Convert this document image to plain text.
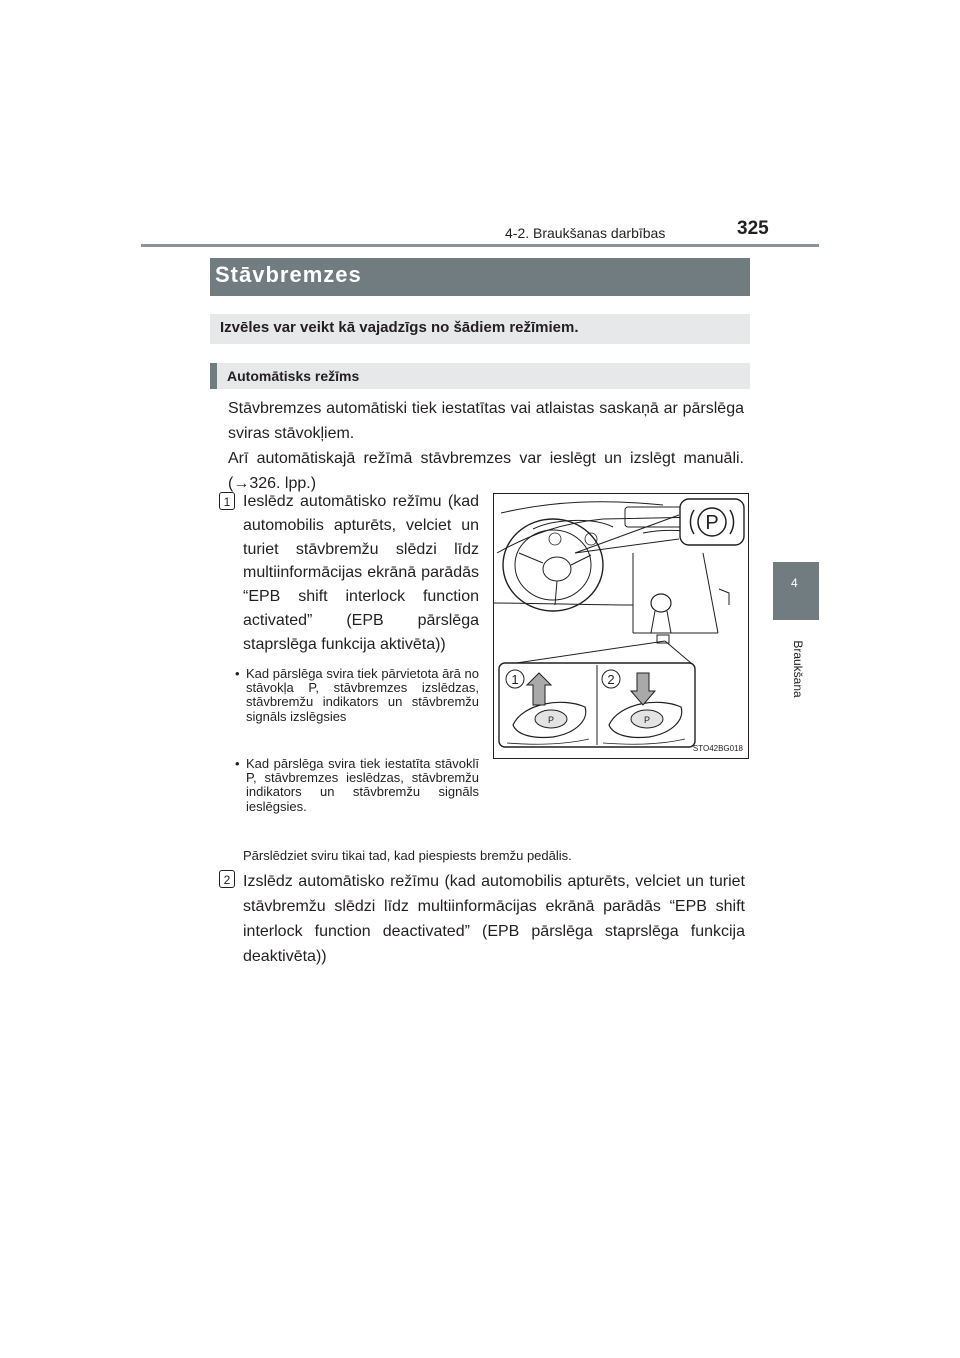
4-2. Braukšanas darbības	325
4
Braukšana
Stāvbremzes
Izvēles var veikt kā vajadzīgs no šādiem režīmiem.
Automātisks režīms
Stāvbremzes automātiski tiek iestatītas vai atlaistas saskaņā ar pārslēga sviras stāvokļiem.
Arī automātiskajā režīmā stāvbremzes var ieslēgt un izslēgt manuāli. (→326. lpp.)
1 Ieslēdz automātisko režīmu (kad automobilis apturēts, velciet un turiet stāvbremžu slēdzi līdz multiinformācijas ekrānā parādās “EPB shift interlock function activated” (EPB pārslēga staprslēga funkcija aktivēta))
• Kad pārslēga svira tiek pārvietota ārā no stāvokļa P, stāvbremzes izslēdzas, stāvbremžu indikators un stāvbremžu signāls izslēgsies
• Kad pārslēga svira tiek iestatīta stāvoklī P, stāvbremzes ieslēdzas, stāvbremžu indikators un stāvbremžu signāls ieslēgsies.
Pārslēdziet sviru tikai tad, kad piespiests bremžu pedālis.
2 Izslēdz automātisko režīmu (kad automobilis apturēts, velciet un turiet stāvbremžu slēdzi līdz multiinformācijas ekrānā parādās “EPB shift interlock function deactivated” (EPB pārslēga staprslēga funkcija deaktivēta))
P
1	2
P	P
STO42BG018
